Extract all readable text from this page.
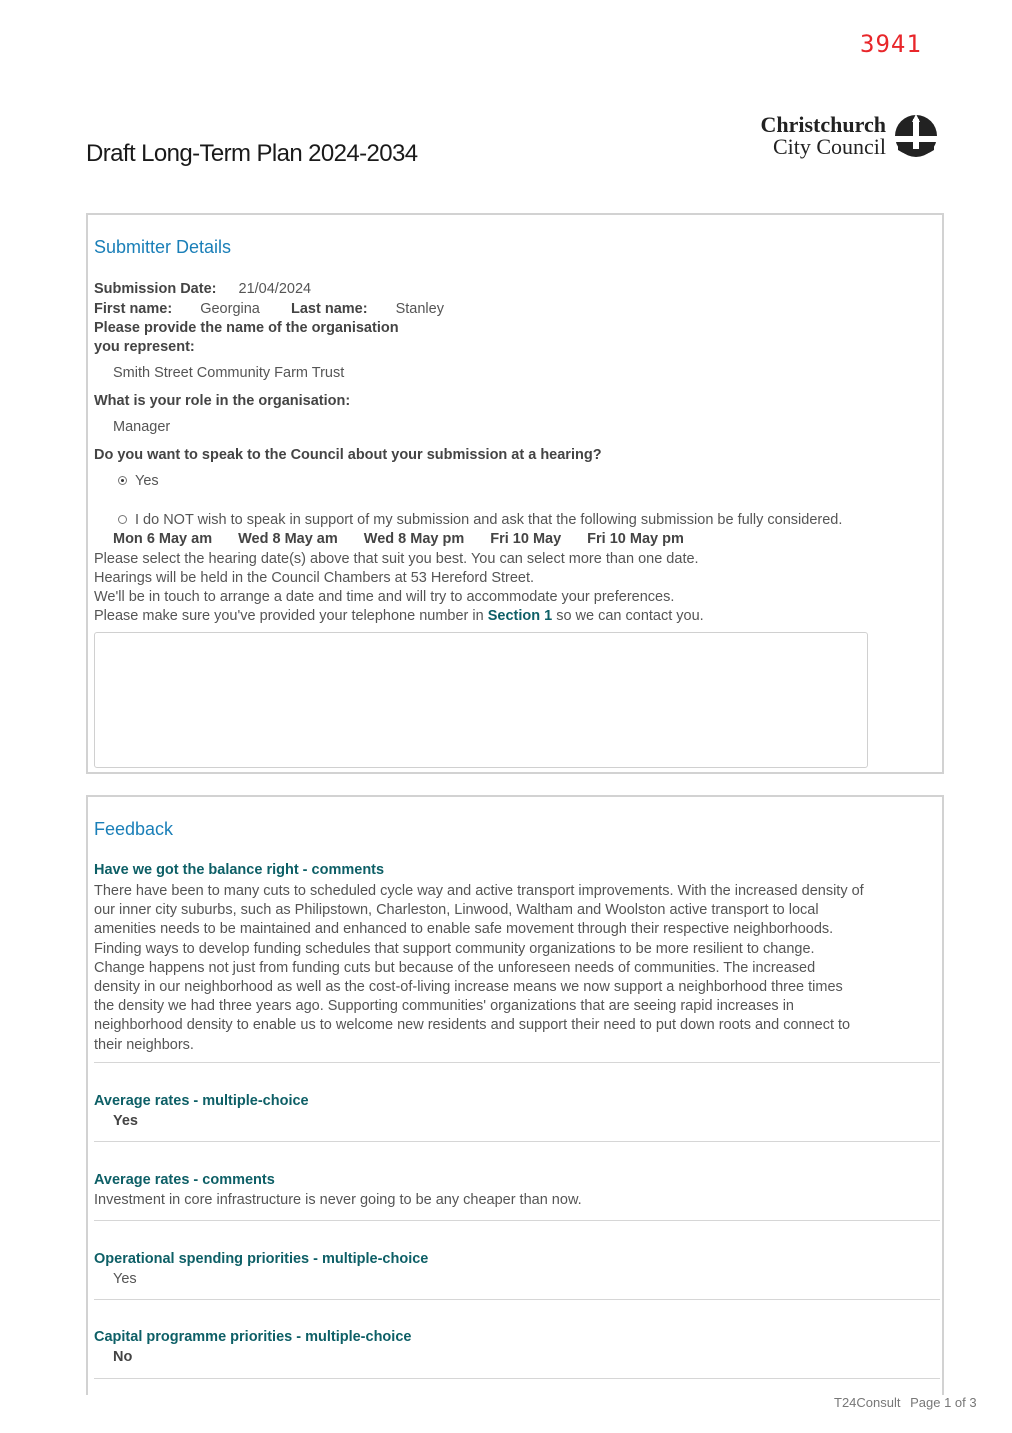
3941
Draft Long-Term Plan 2024-2034
Christchurch
City Council
Submitter Details
Submission Date: 21/04/2024
First name: Georgina Last name: Stanley
Please provide the name of the organisation
you represent:
Smith Street Community Farm Trust
What is your role in the organisation:
Manager
Do you want to speak to the Council about your submission at a hearing?
Yes
I do NOT wish to speak in support of my submission and ask that the following submission be fully considered.
Mon 6 May am Wed 8 May am Wed 8 May pm Fri 10 May Fri 10 May pm
Please select the hearing date(s) above that suit you best. You can select more than one date.
Hearings will be held in the Council Chambers at 53 Hereford Street.
We'll be in touch to arrange a date and time and will try to accommodate your preferences.
Please make sure you've provided your telephone number in Section 1 so we can contact you.
Feedback
Have we got the balance right - comments
There have been to many cuts to scheduled cycle way and active transport improvements. With the increased density of our inner city suburbs, such as Philipstown, Charleston, Linwood, Waltham and Woolston active transport to local amenities needs to be maintained and enhanced to enable safe movement through their respective neighborhoods. Finding ways to develop funding schedules that support community organizations to be more resilient to change. Change happens not just from funding cuts but because of the unforeseen needs of communities. The increased density in our neighborhood as well as the cost-of-living increase means we now support a neighborhood three times the density we had three years ago. Supporting communities' organizations that are seeing rapid increases in neighborhood density to enable us to welcome new residents and support their need to put down roots and connect to their neighbors.
Average rates - multiple-choice
Yes
Average rates - comments
Investment in core infrastructure is never going to be any cheaper than now.
Operational spending priorities - multiple-choice
Yes
Capital programme priorities - multiple-choice
No
T24Consult Page 1 of 3
